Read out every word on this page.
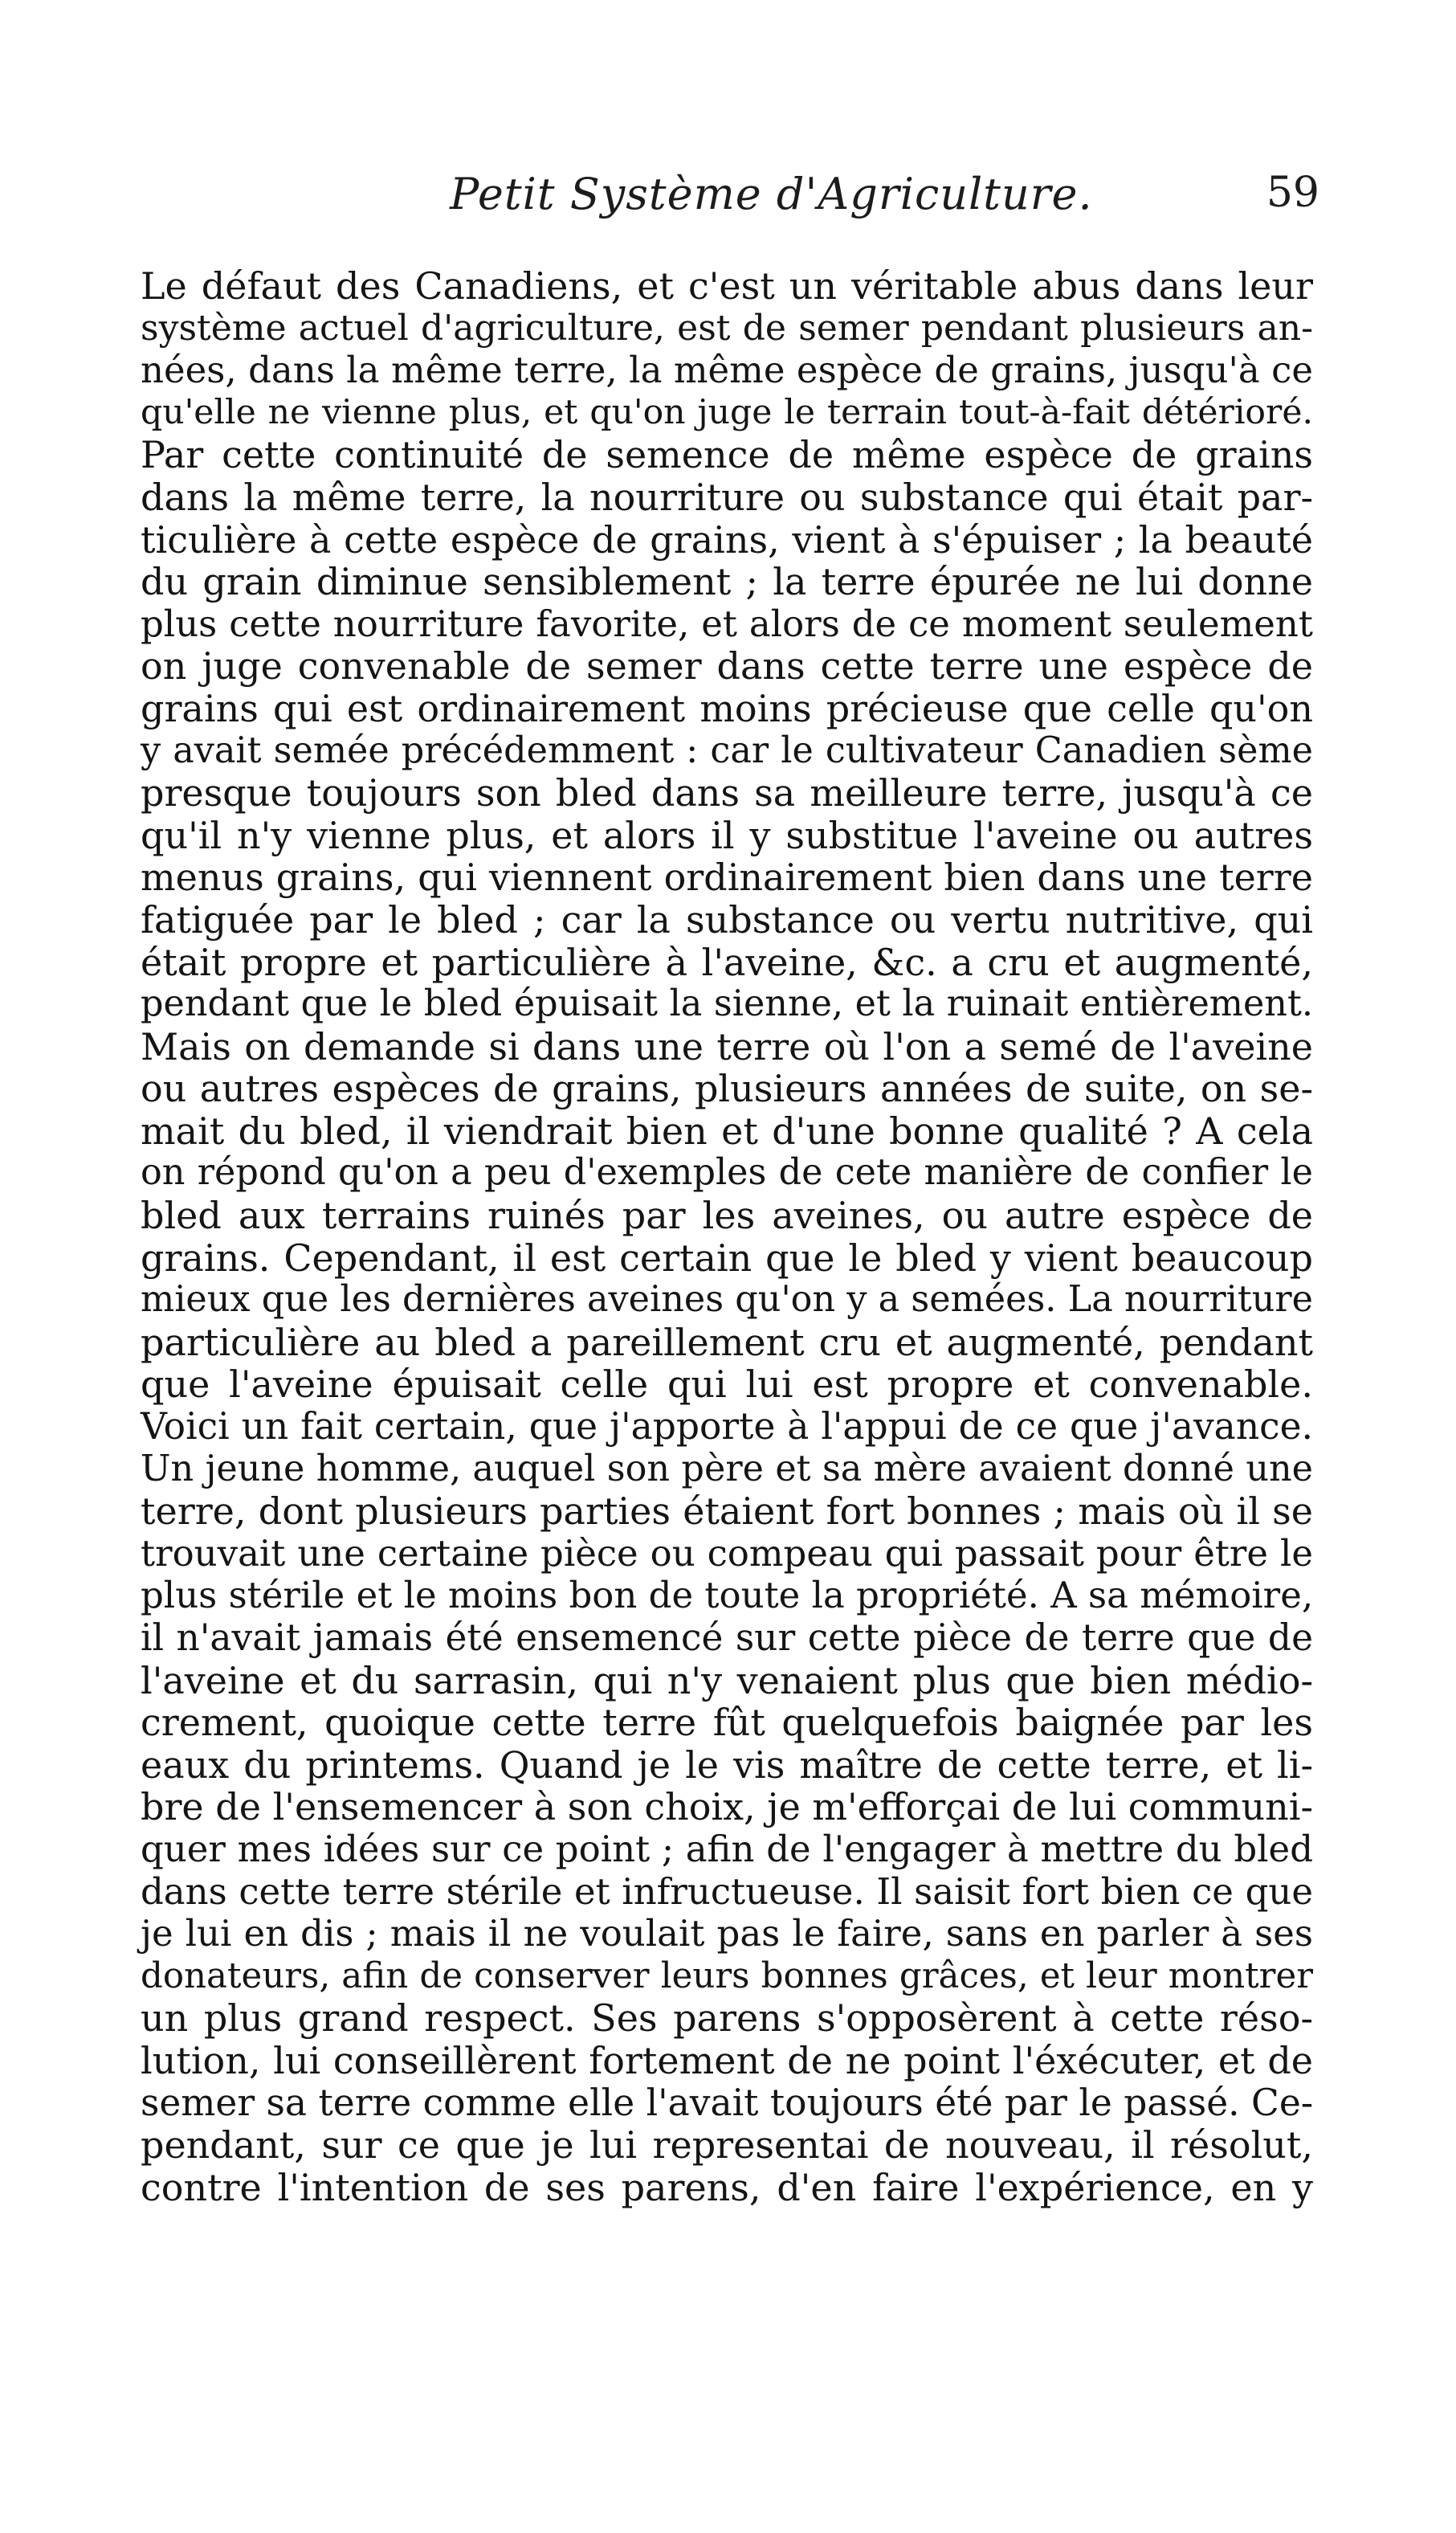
Petit Système d'Agriculture.	59
Le défaut des Canadiens, et c'est un véritable abus dans leur
système actuel d'agriculture, est de semer pendant plusieurs an-
nées, dans la même terre, la même espèce de grains, jusqu'à ce
qu'elle ne vienne plus, et qu'on juge le terrain tout-à-fait détérioré.
Par cette continuité de semence de même espèce de grains
dans la même terre, la nourriture ou substance qui était par-
ticulière à cette espèce de grains, vient à s'épuiser ; la beauté
du grain diminue sensiblement ; la terre épurée ne lui donne
plus cette nourriture favorite, et alors de ce moment seulement
on juge convenable de semer dans cette terre une espèce de
grains qui est ordinairement moins précieuse que celle qu'on
y avait semée précédemment : car le cultivateur Canadien sème
presque toujours son bled dans sa meilleure terre, jusqu'à ce
qu'il n'y vienne plus, et alors il y substitue l'aveine ou autres
menus grains, qui viennent ordinairement bien dans une terre
fatiguée par le bled ; car la substance ou vertu nutritive, qui
était propre et particulière à l'aveine, &c. a cru et augmenté,
pendant que le bled épuisait la sienne, et la ruinait entièrement.
Mais on demande si dans une terre où l'on a semé de l'aveine
ou autres espèces de grains, plusieurs années de suite, on se-
mait du bled, il viendrait bien et d'une bonne qualité ? A cela
on répond qu'on a peu d'exemples de cete manière de confier le
bled aux terrains ruinés par les aveines, ou autre espèce de
grains. Cependant, il est certain que le bled y vient beaucoup
mieux que les dernières aveines qu'on y a semées. La nourriture
particulière au bled a pareillement cru et augmenté, pendant
que l'aveine épuisait celle qui lui est propre et convenable.
Voici un fait certain, que j'apporte à l'appui de ce que j'avance.
Un jeune homme, auquel son père et sa mère avaient donné une
terre, dont plusieurs parties étaient fort bonnes ; mais où il se
trouvait une certaine pièce ou compeau qui passait pour être le
plus stérile et le moins bon de toute la propriété. A sa mémoire,
il n'avait jamais été ensemencé sur cette pièce de terre que de
l'aveine et du sarrasin, qui n'y venaient plus que bien médio-
crement, quoique cette terre fût quelquefois baignée par les
eaux du printems. Quand je le vis maître de cette terre, et li-
bre de l'ensemencer à son choix, je m'efforçai de lui communi-
quer mes idées sur ce point ; afin de l'engager à mettre du bled
dans cette terre stérile et infructueuse. Il saisit fort bien ce que
je lui en dis ; mais il ne voulait pas le faire, sans en parler à ses
donateurs, afin de conserver leurs bonnes grâces, et leur montrer
un plus grand respect. Ses parens s'opposèrent à cette réso-
lution, lui conseillèrent fortement de ne point l'éxécuter, et de
semer sa terre comme elle l'avait toujours été par le passé. Ce-
pendant, sur ce que je lui representai de nouveau, il résolut,
contre l'intention de ses parens, d'en faire l'expérience, en y
